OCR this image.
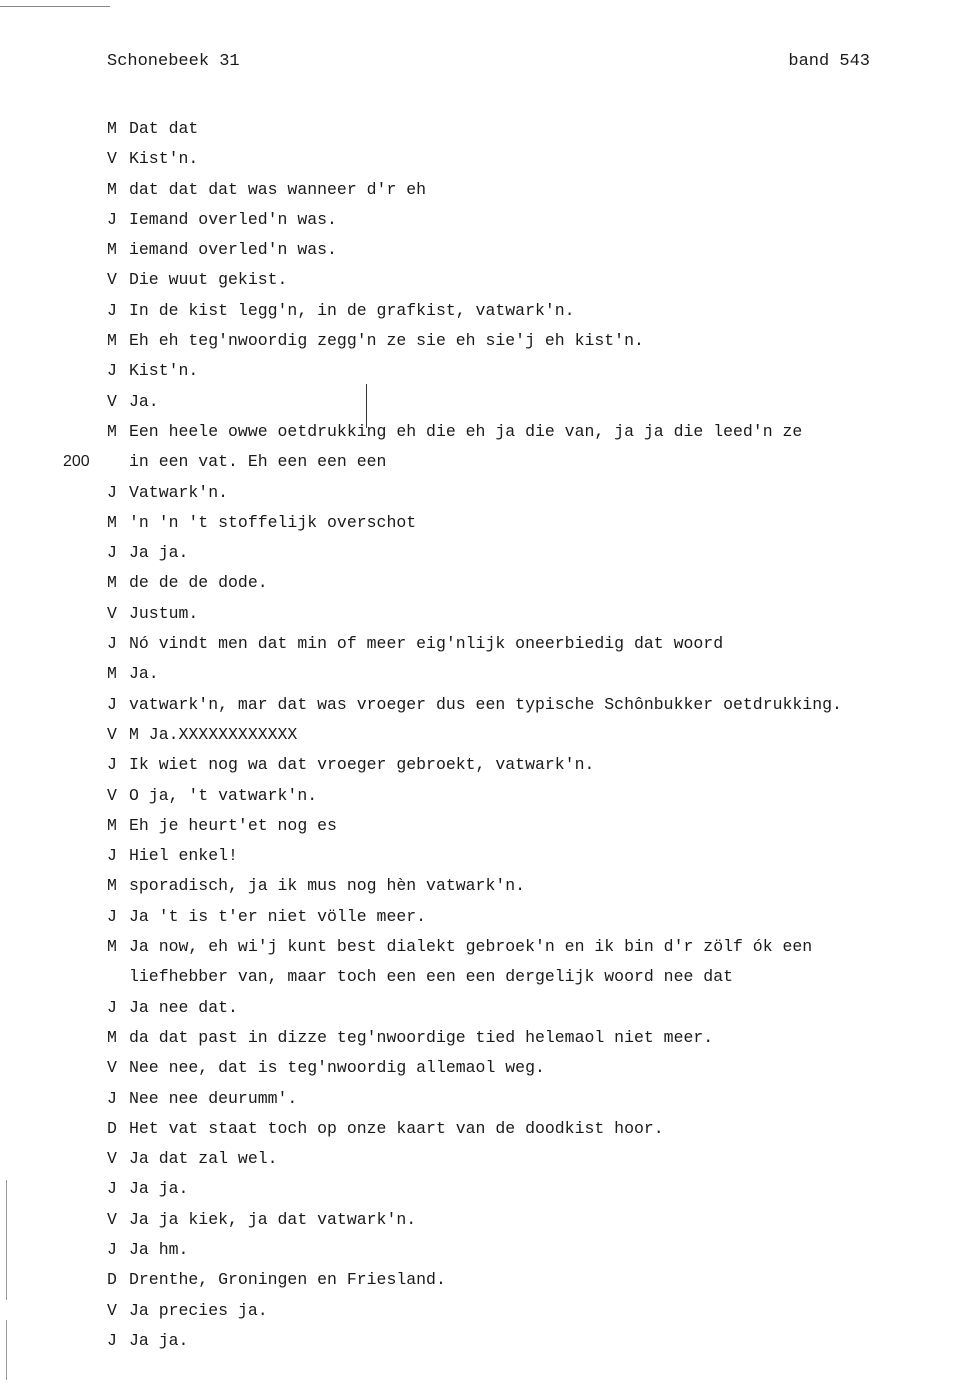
Schonebeek 31	band 543
M Dat dat
V Kist'n.
M dat dat dat was wanneer d'r eh
J Iemand overled'n was.
M iemand overled'n was.
V Die wuut gekist.
J In de kist legg'n, in de grafkist, vatwark'n.
M Eh eh teg'nwoordig zegg'n ze sie eh sie'j eh kist'n.
J Kist'n.
V Ja.
M Een heele owwe oetdrukking eh die eh ja die van, ja ja die leed'n ze
200 in een vat. Eh een een een
J Vatwark'n.
M 'n 'n 't stoffelijk overschot
J Ja ja.
M de de de dode.
V Justum.
J Nó vindt men dat min of meer eig'nlijk oneerbiedig dat woord
M Ja.
J vatwark'n, mar dat was vroeger dus een typische Schônbukker oetdrukking.
V M Ja.XXXXXXXXXXXX
J Ik wiet nog wa dat vroeger gebroekt, vatwark'n.
V O ja, 't vatwark'n.
M Eh je heurt'et nog es
J Hiel enkel!
M sporadisch, ja ik mus nog hèn vatwark'n.
J Ja 't is t'er niet völle meer.
M Ja now, eh wi'j kunt best dialekt gebroek'n en ik bin d'r zölf ók een
liefhebber van, maar toch een een een dergelijk woord nee dat
J Ja nee dat.
M da dat past in dizze teg'nwoordige tied helemaol niet meer.
V Nee nee, dat is teg'nwoordig allemaol weg.
J Nee nee deurumm'.
D Het vat staat toch op onze kaart van de doodkist hoor.
V Ja dat zal wel.
J Ja ja.
V Ja ja kiek, ja dat vatwark'n.
J Ja hm.
D Drenthe, Groningen en Friesland.
V Ja precies ja.
J Ja ja.
